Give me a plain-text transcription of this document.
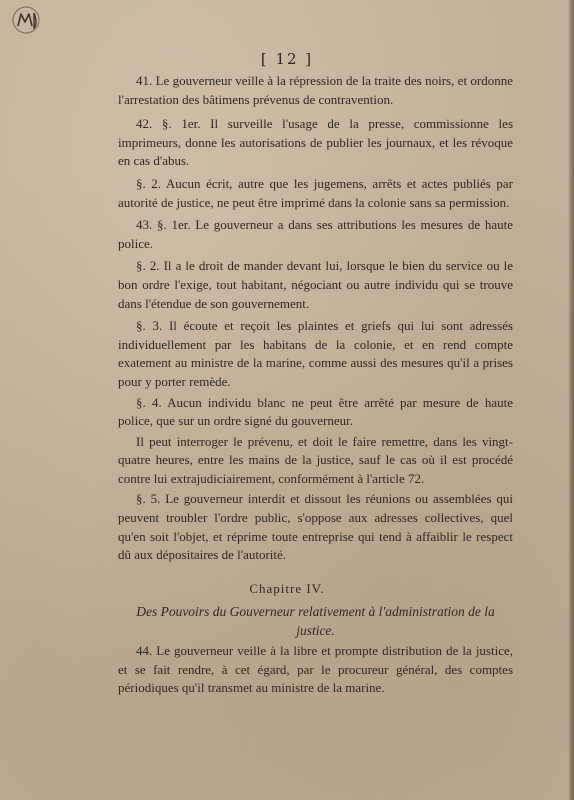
[ 12 ]

41. Le gouverneur veille à la répression de la traite des noirs, et ordonne l'arrestation des bâtimens prévenus de contravention.

42. §. 1er. Il surveille l'usage de la presse, commissionne les imprimeurs, donne les autorisations de publier les journaux, et les révoque en cas d'abus.

§. 2. Aucun écrit, autre que les jugemens, arrêts et actes publiés par autorité de justice, ne peut être imprimé dans la colonie sans sa permission.

43. §. 1er. Le gouverneur a dans ses attributions les mesures de haute police.

§. 2. Il a le droit de mander devant lui, lorsque le bien du service ou le bon ordre l'exige, tout habitant, négociant ou autre individu qui se trouve dans l'étendue de son gouvernement.

§. 3. Il écoute et reçoit les plaintes et griefs qui lui sont adressés individuellement par les habitans de la colonie, et en rend compte exatement au ministre de la marine, comme aussi des mesures qu'il a prises pour y porter remède.

§. 4. Aucun individu blanc ne peut être arrêté par mesure de haute police, que sur un ordre signé du gouverneur.

Il peut interroger le prévenu, et doit le faire remettre, dans les vingt-quatre heures, entre les mains de la justice, sauf le cas où il est procédé contre lui extrajudiciairement, conformément à l'article 72.

§. 5. Le gouverneur interdit et dissout les réunions ou assemblées qui peuvent troubler l'ordre public, s'oppose aux adresses collectives, quel qu'en soit l'objet, et réprime toute entreprise qui tend à affaiblir le respect dû aux dépositaires de l'autorité.

Chapitre IV.
Des Pouvoirs du Gouverneur relativement à l'administration de la justice.

44. Le gouverneur veille à la libre et prompte distribution de la justice, et se fait rendre, à cet égard, par le procureur général, des comptes périodiques qu'il transmet au ministre de la marine.
